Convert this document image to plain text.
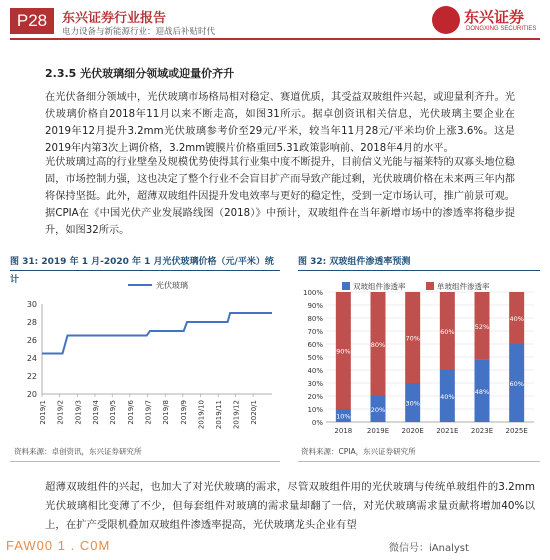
P28	东兴证券行业报告
电力设备与新能源行业：迎战后补贴时代
东兴证券
DONGXING SECURITIES
2.3.5 光伏玻璃细分领域或迎量价齐升
在光伏备细分领域中，光伏玻璃市场格局相对稳定、赛道优质，其受益双玻组件兴起，或迎量利齐升。光伏玻璃价格自2018年11月以来不断走高，如图31所示。据卓创资讯相关信息，光伏玻璃主要企业在2019年12月提升3.2mm光伏玻璃参考价至29元/平米，较当年11月28元/平米均价上涨3.6%。这是2019年内第3次上调价格，3.2mm镀膜片价格重回5.31政策影响前、2018年4月的水平。
光伏玻璃过高的行业壁垒及规模优势使得其行业集中度不断提升，目前信义光能与福莱特的双寡头地位稳固，市场控制力强，这也决定了整个行业不会盲目扩产而导致产能过剩，光伏玻璃价格在未来两三年内都将保持坚挺。此外，超薄双玻组件因提升发电效率与更好的稳定性，受到一定市场认可，推广前景可观。据CPIA在《中国光伏产业发展路线图（2018）》中预计，双玻组件在当年新增市场中的渗透率将稳步提升，如图32所示。
图 31: 2019 年 1 月-2020 年 1 月光伏玻璃价格（元/平米）统计
图 32: 双玻组件渗透率预测
光伏玻璃
20
22
24
26
28
30
2019/1 2019/2 2019/3 2019/4 2019/5 2019/6 2019/7 2019/8 2019/9 2019/10 2019/11 2019/12 2020/1
双玻组件渗透率	单玻组件渗透率
0%
10%
20%
30%
40%
50%
60%
70%
80%
90%
100%
10%
90%
2018
20%
80%
2019E
30%
70%
2020E
40%
60%
2021E
48%
52%
2023E
60%
40%
2025E
资料来源：卓创资讯，东兴证券研究所	资料来源：CPIA，东兴证券研究所
超薄双玻组件的兴起，也加大了对光伏玻璃的需求，尽管双玻组件用的光伏玻璃与传统单玻组件的3.2mm光伏玻璃相比变薄了不少，但每套组件对玻璃的需求量却翻了一倍，对光伏玻璃需求量贡献将增加40%以上，在扩产受限机叠加双玻组件渗透率提高，光伏玻璃龙头企业有望
FAW00 1 . C0M	微信号：iAnalyst
